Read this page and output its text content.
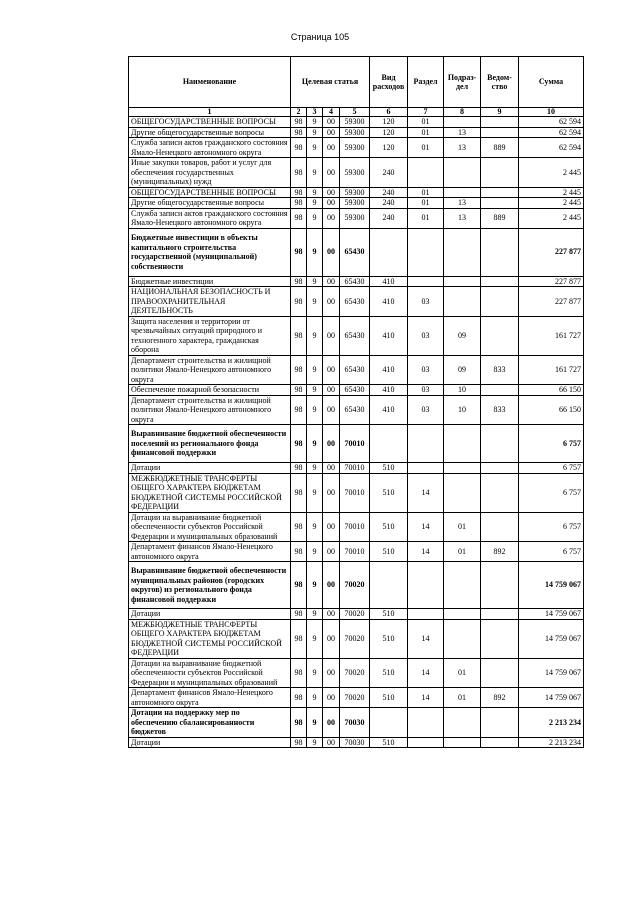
Страница 105
Наименование	Целевая статья				Вид расходов	Раздел	Подраз-дел	Ведом-ство	Сумма
1	2	3	4	5	6	7	8	9	10
ОБЩЕГОСУДАРСТВЕННЫЕ ВОПРОСЫ	98	9	00	59300	120	01			62 594
Другие общегосударственные вопросы	98	9	00	59300	120	01	13		62 594
Служба записи актов гражданского состояния Ямало-Ненецкого автономного округа	98	9	00	59300	120	01	13	889	62 594
Иные закупки товаров, работ и услуг для обеспечения государственных (муниципальных) нужд	98	9	00	59300	240				2 445
ОБЩЕГОСУДАРСТВЕННЫЕ ВОПРОСЫ	98	9	00	59300	240	01			2 445
Другие общегосударственные вопросы	98	9	00	59300	240	01	13		2 445
Служба записи актов гражданского состояния Ямало-Ненецкого автономного округа	98	9	00	59300	240	01	13	889	2 445
Бюджетные инвестиции в объекты капитального строительства государственной (муниципальной) собственности	98	9	00	65430					227 877
Бюджетные инвестиции	98	9	00	65430	410				227 877
НАЦИОНАЛЬНАЯ БЕЗОПАСНОСТЬ И ПРАВООХРАНИТЕЛЬНАЯ ДЕЯТЕЛЬНОСТЬ	98	9	00	65430	410	03			227 877
Защита населения и территории от чрезвычайных ситуаций природного и техногенного характера, гражданская оборона	98	9	00	65430	410	03	09		161 727
Департамент строительства и жилищной политики Ямало-Ненецкого автономного округа	98	9	00	65430	410	03	09	833	161 727
Обеспечение пожарной безопасности	98	9	00	65430	410	03	10		66 150
Департамент строительства и жилищной политики Ямало-Ненецкого автономного округа	98	9	00	65430	410	03	10	833	66 150
Выравнивание бюджетной обеспеченности поселений из регионального фонда финансовой поддержки	98	9	00	70010					6 757
Дотации	98	9	00	70010	510				6 757
МЕЖБЮДЖЕТНЫЕ ТРАНСФЕРТЫ ОБЩЕГО ХАРАКТЕРА БЮДЖЕТАМ БЮДЖЕТНОЙ СИСТЕМЫ РОССИЙСКОЙ ФЕДЕРАЦИИ	98	9	00	70010	510	14			6 757
Дотации на выравнивание бюджетной обеспеченности субъектов Российской Федерации и муниципальных образований	98	9	00	70010	510	14	01		6 757
Департамент финансов Ямало-Ненецкого автономного округа	98	9	00	70010	510	14	01	892	6 757
Выравнивание бюджетной обеспеченности муниципальных районов (городских округов) из регионального фонда финансовой поддержки	98	9	00	70020					14 759 067
Дотации	98	9	00	70020	510				14 759 067
МЕЖБЮДЖЕТНЫЕ ТРАНСФЕРТЫ ОБЩЕГО ХАРАКТЕРА БЮДЖЕТАМ БЮДЖЕТНОЙ СИСТЕМЫ РОССИЙСКОЙ ФЕДЕРАЦИИ	98	9	00	70020	510	14			14 759 067
Дотации на выравнивание бюджетной обеспеченности субъектов Российской Федерации и муниципальных образований	98	9	00	70020	510	14	01		14 759 067
Департамент финансов Ямало-Ненецкого автономного округа	98	9	00	70020	510	14	01	892	14 759 067
Дотации на поддержку мер по обеспечению сбалансированности бюджетов	98	9	00	70030					2 213 234
Дотации	98	9	00	70030	510				2 213 234
